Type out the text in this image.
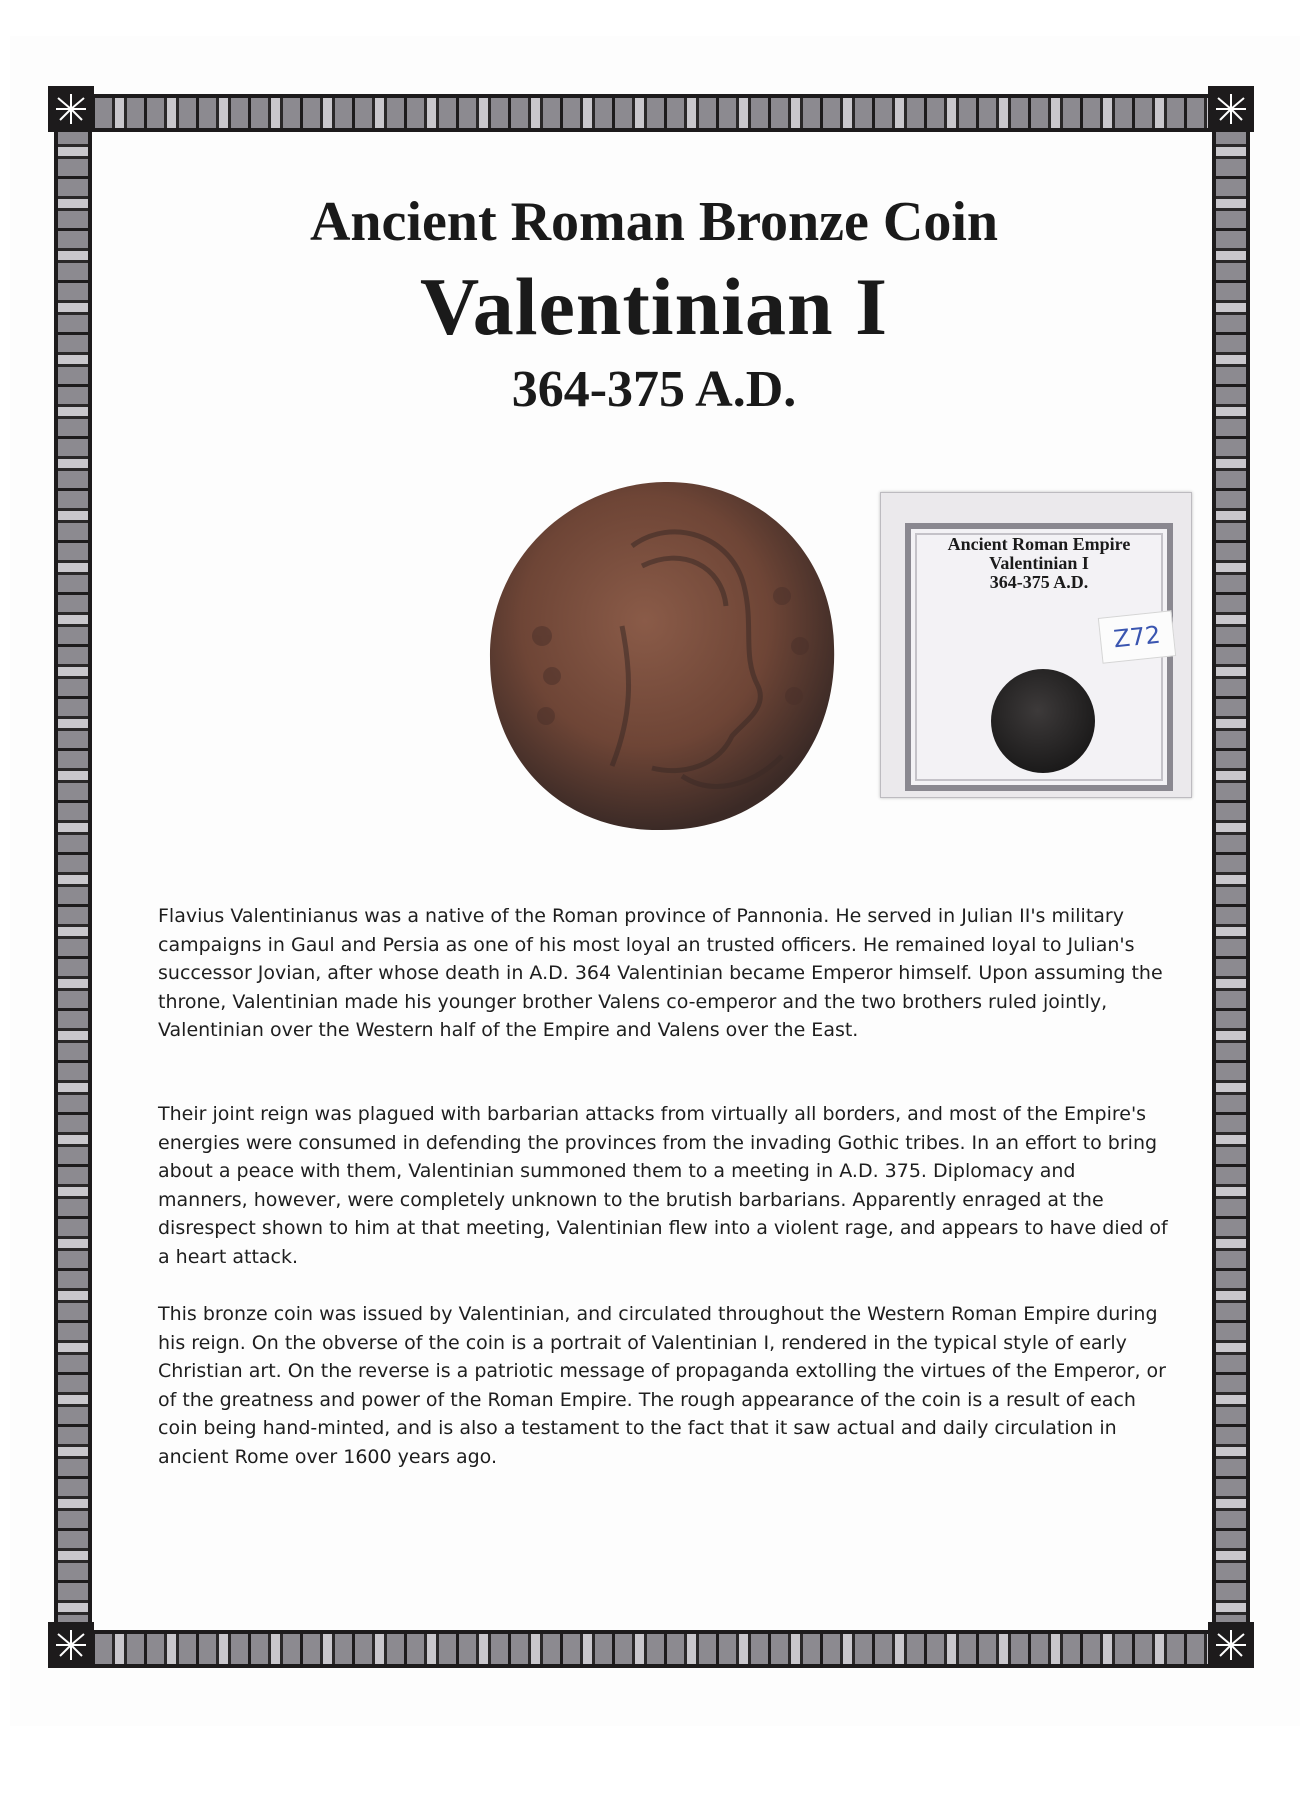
Ancient Roman Bronze Coin
Valentinian I
364-375 A.D.
Ancient Roman Empire
Valentinian I
364-375 A.D.
Z72

Flavius Valentinianus was a native of the Roman province of Pannonia. He served in Julian II's military campaigns in Gaul and Persia as one of his most loyal an trusted officers. He remained loyal to Julian's successor Jovian, after whose death in A.D. 364 Valentinian became Emperor himself. Upon assuming the throne, Valentinian made his younger brother Valens co-emperor and the two brothers ruled jointly, Valentinian over the Western half of the Empire and Valens over the East.

Their joint reign was plagued with barbarian attacks from virtually all borders, and most of the Empire's energies were consumed in defending the provinces from the invading Gothic tribes. In an effort to bring about a peace with them, Valentinian summoned them to a meeting in A.D. 375. Diplomacy and manners, however, were completely unknown to the brutish barbarians. Apparently enraged at the disrespect shown to him at that meeting, Valentinian flew into a violent rage, and appears to have died of a heart attack.

This bronze coin was issued by Valentinian, and circulated throughout the Western Roman Empire during his reign. On the obverse of the coin is a portrait of Valentinian I, rendered in the typical style of early Christian art. On the reverse is a patriotic message of propaganda extolling the virtues of the Emperor, or of the greatness and power of the Roman Empire. The rough appearance of the coin is a result of each coin being hand-minted, and is also a testament to the fact that it saw actual and daily circulation in ancient Rome over 1600 years ago.
